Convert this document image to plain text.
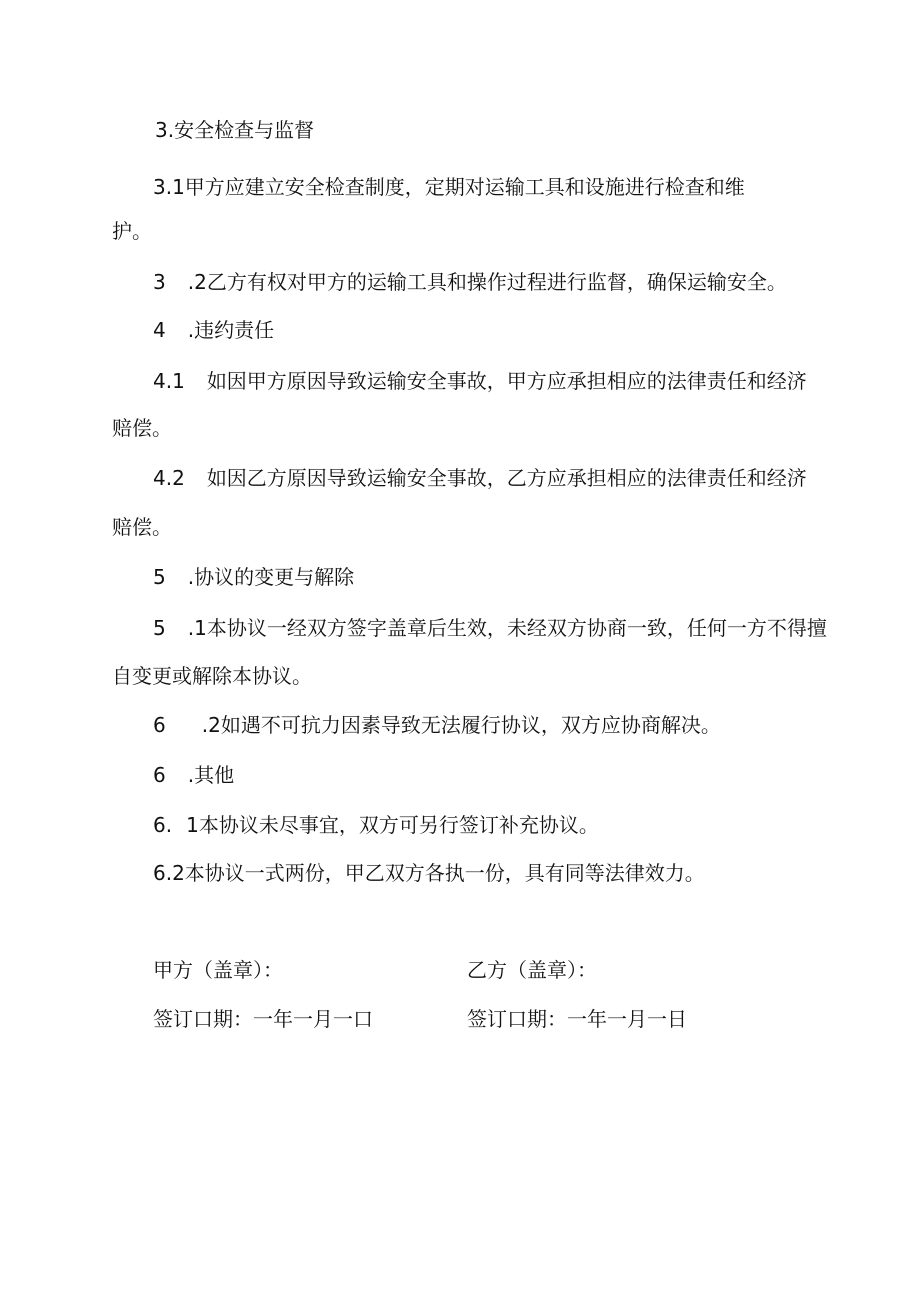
3.安全检查与监督
3.1甲方应建立安全检查制度，定期对运输工具和设施进行检查和维
护。
3 .2乙方有权对甲方的运输工具和操作过程进行监督，确保运输安全。
4 .违约责任
4.1 如因甲方原因导致运输安全事故，甲方应承担相应的法律责任和经济
赔偿。
4.2 如因乙方原因导致运输安全事故，乙方应承担相应的法律责任和经济
赔偿。
5 .协议的变更与解除
5 .1本协议一经双方签字盖章后生效，未经双方协商一致，任何一方不得擅
自变更或解除本协议。
6 .2如遇不可抗力因素导致无法履行协议，双方应协商解决。
6 .其他
6. 1本协议未尽事宜，双方可另行签订补充协议。
6.2本协议一式两份，甲乙双方各执一份，具有同等法律效力。
甲方（盖章）：	乙方（盖章）：
签订口期：一年一月一口	签订口期：一年一月一日
